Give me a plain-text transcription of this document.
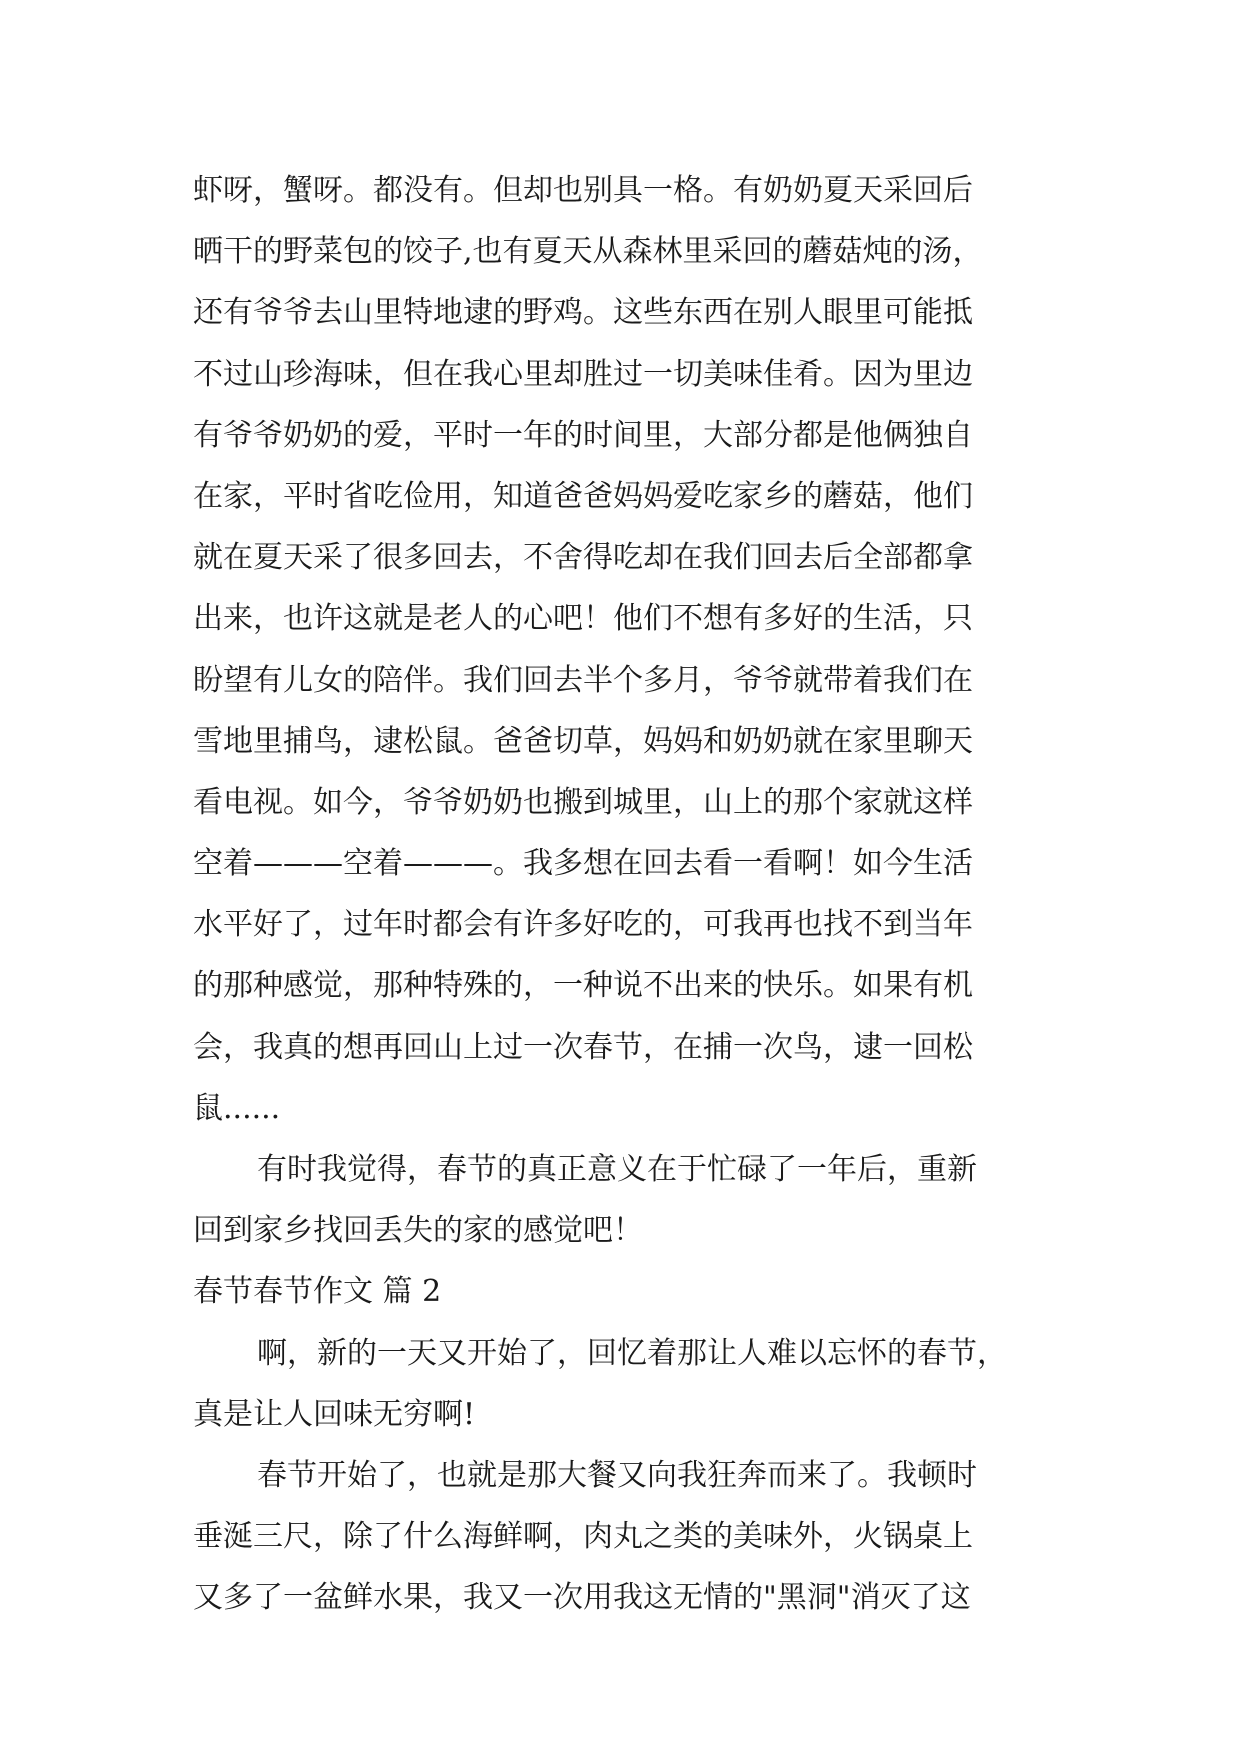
虾呀，蟹呀。都没有。但却也别具一格。有奶奶夏天采回后
晒干的野菜包的饺子,也有夏天从森林里采回的蘑菇炖的汤，
还有爷爷去山里特地逮的野鸡。这些东西在别人眼里可能抵
不过山珍海味，但在我心里却胜过一切美味佳肴。因为里边
有爷爷奶奶的爱，平时一年的时间里，大部分都是他俩独自
在家，平时省吃俭用，知道爸爸妈妈爱吃家乡的蘑菇，他们
就在夏天采了很多回去，不舍得吃却在我们回去后全部都拿
出来，也许这就是老人的心吧！他们不想有多好的生活，只
盼望有儿女的陪伴。我们回去半个多月，爷爷就带着我们在
雪地里捕鸟，逮松鼠。爸爸切草，妈妈和奶奶就在家里聊天
看电视。如今，爷爷奶奶也搬到城里，山上的那个家就这样
空着———空着———。我多想在回去看一看啊！如今生活
水平好了，过年时都会有许多好吃的，可我再也找不到当年
的那种感觉，那种特殊的，一种说不出来的快乐。如果有机
会，我真的想再回山上过一次春节，在捕一次鸟，逮一回松
鼠......
有时我觉得，春节的真正意义在于忙碌了一年后，重新
回到家乡找回丢失的家的感觉吧！
春节春节作文 篇 2
啊，新的一天又开始了，回忆着那让人难以忘怀的春节，
真是让人回味无穷啊!
春节开始了，也就是那大餐又向我狂奔而来了。我顿时
垂涎三尺，除了什么海鲜啊，肉丸之类的美味外，火锅桌上
又多了一盆鲜水果，我又一次用我这无情的"黑洞"消灭了这
